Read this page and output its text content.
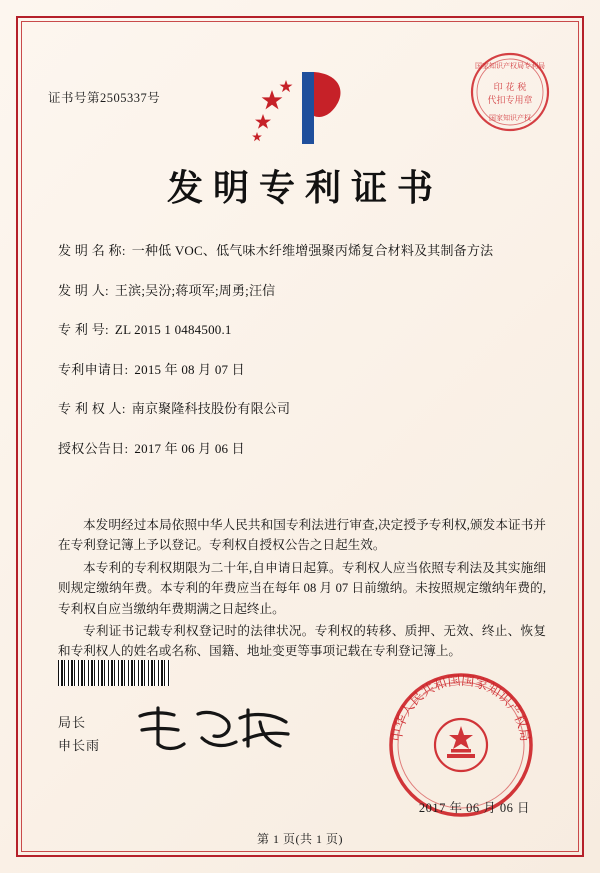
证书号第2505337号
国家知识产权局专利局
印 花 税
代扣专用章
国家知识产权
发明专利证书
发 明 名 称: 一种低 VOC、低气味木纤维增强聚丙烯复合材料及其制备方法
发 明 人: 王滨;吴汾;蒋项军;周勇;汪信
专 利 号: ZL 2015 1 0484500.1
专利申请日: 2015 年 08 月 07 日
专 利 权 人: 南京聚隆科技股份有限公司
授权公告日: 2017 年 06 月 06 日

本发明经过本局依照中华人民共和国专利法进行审查,决定授予专利权,颁发本证书并在专利登记簿上予以登记。专利权自授权公告之日起生效。

本专利的专利权期限为二十年,自申请日起算。专利权人应当依照专利法及其实施细则规定缴纳年费。本专利的年费应当在每年 08 月 07 日前缴纳。未按照规定缴纳年费的,专利权自应当缴纳年费期满之日起终止。

专利证书记载专利权登记时的法律状况。专利权的转移、质押、无效、终止、恢复和专利权人的姓名或名称、国籍、地址变更等事项记载在专利登记簿上。

局长
申长雨
中华人民共和国国家知识产权局
2017 年 06 月 06 日
第 1 页(共 1 页)
